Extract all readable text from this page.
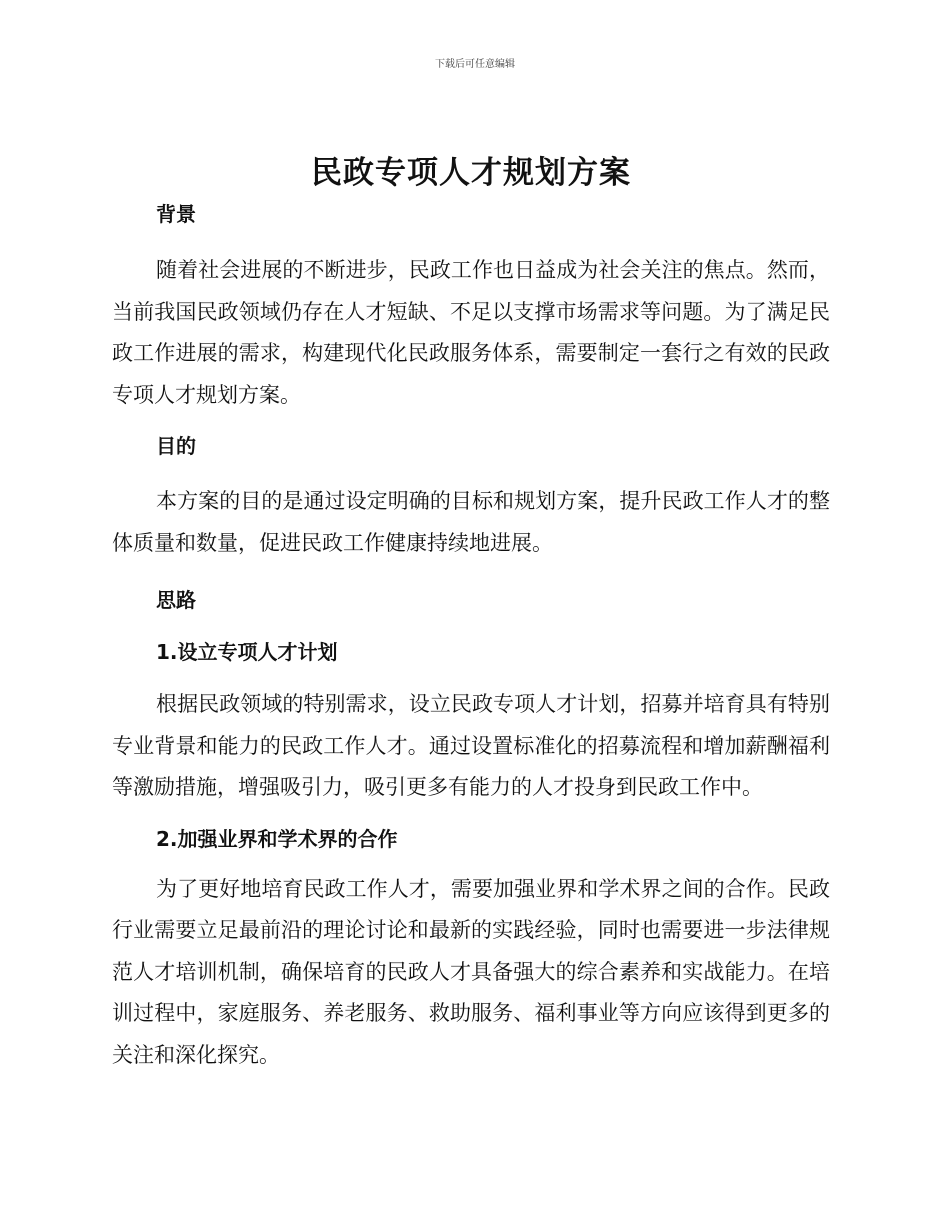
下载后可任意编辑
民政专项人才规划方案
背景

随着社会进展的不断进步，民政工作也日益成为社会关注的焦点。然而，当前我国民政领域仍存在人才短缺、不足以支撑市场需求等问题。为了满足民政工作进展的需求，构建现代化民政服务体系，需要制定一套行之有效的民政专项人才规划方案。

目的

本方案的目的是通过设定明确的目标和规划方案，提升民政工作人才的整体质量和数量，促进民政工作健康持续地进展。

思路
1.设立专项人才计划

根据民政领域的特别需求，设立民政专项人才计划，招募并培育具有特别专业背景和能力的民政工作人才。通过设置标准化的招募流程和增加薪酬福利等激励措施，增强吸引力，吸引更多有能力的人才投身到民政工作中。

2.加强业界和学术界的合作

为了更好地培育民政工作人才，需要加强业界和学术界之间的合作。民政行业需要立足最前沿的理论讨论和最新的实践经验，同时也需要进一步法律规范人才培训机制，确保培育的民政人才具备强大的综合素养和实战能力。在培训过程中，家庭服务、养老服务、救助服务、福利事业等方向应该得到更多的关注和深化探究。
